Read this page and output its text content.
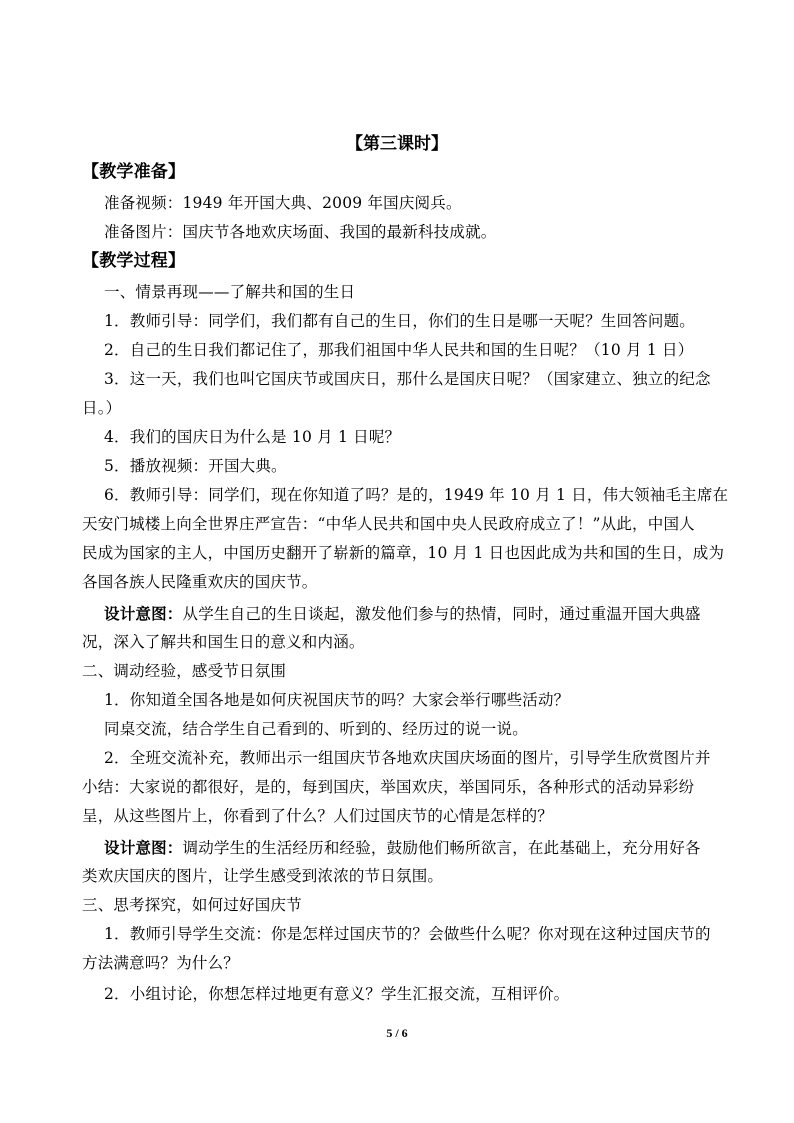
【第三课时】
【教学准备】
准备视频：1949 年开国大典、2009 年国庆阅兵。
准备图片：国庆节各地欢庆场面、我国的最新科技成就。
【教学过程】
一、情景再现——了解共和国的生日
1．教师引导：同学们，我们都有自己的生日，你们的生日是哪一天呢？生回答问题。
2．自己的生日我们都记住了，那我们祖国中华人民共和国的生日呢？（10 月 1 日）
3．这一天，我们也叫它国庆节或国庆日，那什么是国庆日呢？（国家建立、独立的纪念
日。）
4．我们的国庆日为什么是 10 月 1 日呢？
5．播放视频：开国大典。
6．教师引导：同学们，现在你知道了吗？是的，1949 年 10 月 1 日，伟大领袖毛主席在
天安门城楼上向全世界庄严宣告：“中华人民共和国中央人民政府成立了！”从此，中国人
民成为国家的主人，中国历史翻开了崭新的篇章，10 月 1 日也因此成为共和国的生日，成为
各国各族人民隆重欢庆的国庆节。
设计意图：从学生自己的生日谈起，激发他们参与的热情，同时，通过重温开国大典盛
况，深入了解共和国生日的意义和内涵。
二、调动经验，感受节日氛围
1．你知道全国各地是如何庆祝国庆节的吗？大家会举行哪些活动？
同桌交流，结合学生自己看到的、听到的、经历过的说一说。
2．全班交流补充，教师出示一组国庆节各地欢庆国庆场面的图片，引导学生欣赏图片并
小结：大家说的都很好，是的，每到国庆，举国欢庆，举国同乐，各种形式的活动异彩纷
呈，从这些图片上，你看到了什么？人们过国庆节的心情是怎样的？
设计意图：调动学生的生活经历和经验，鼓励他们畅所欲言，在此基础上，充分用好各
类欢庆国庆的图片，让学生感受到浓浓的节日氛围。
三、思考探究，如何过好国庆节
1．教师引导学生交流：你是怎样过国庆节的？会做些什么呢？你对现在这种过国庆节的
方法满意吗？为什么？
2．小组讨论，你想怎样过地更有意义？学生汇报交流，互相评价。
5 / 6
